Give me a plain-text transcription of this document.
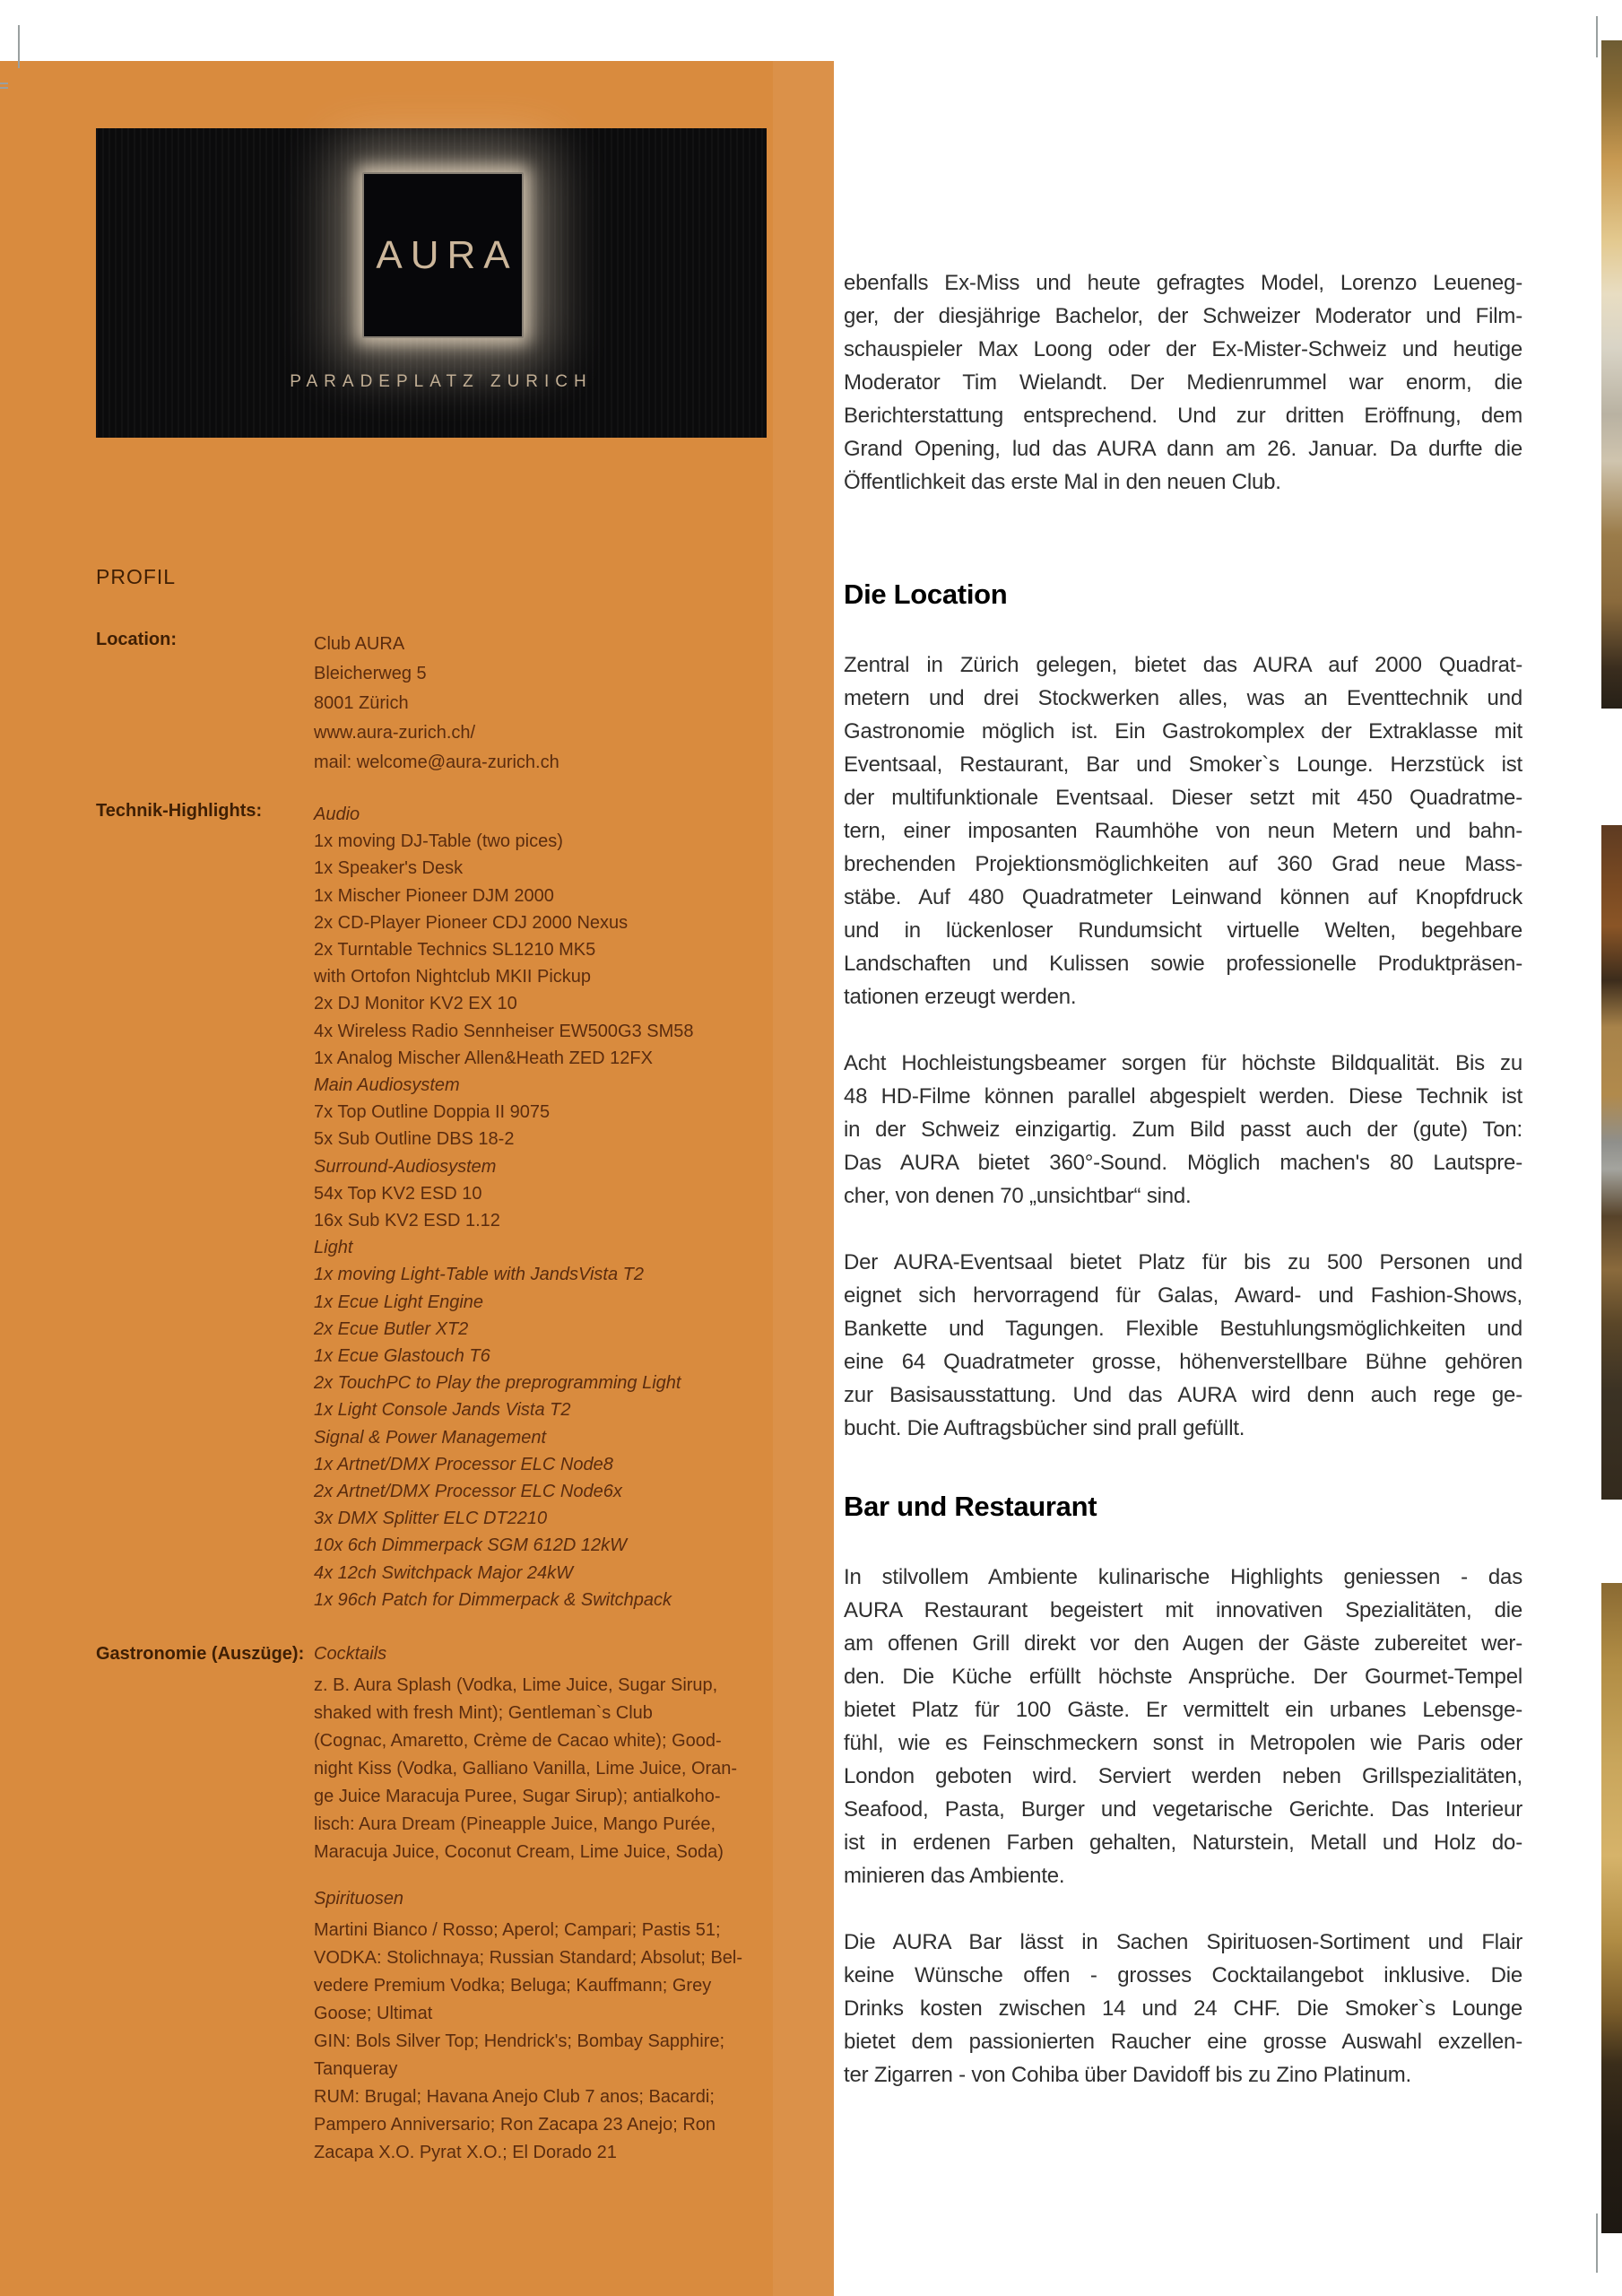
AURA
PARADEPLATZ ZURICH
PROFIL
Location:	Club AURA
Bleicherweg 5
8001 Zürich
www.aura-zurich.ch/
mail: welcome@aura-zurich.ch
Technik-Highlights:	Audio
1x moving DJ-Table (two pices)
1x Speaker's Desk
1x Mischer Pioneer DJM 2000
2x CD-Player Pioneer CDJ 2000 Nexus
2x Turntable Technics SL1210 MK5
with Ortofon Nightclub MKII Pickup
2x DJ Monitor KV2 EX 10
4x Wireless Radio Sennheiser EW500G3 SM58
1x Analog Mischer Allen&Heath ZED 12FX
Main Audiosystem
7x Top Outline Doppia II 9075
5x Sub Outline DBS 18-2
Surround-Audiosystem
54x Top KV2 ESD 10
16x Sub KV2 ESD 1.12
Light
1x moving Light-Table with JandsVista T2
1x Ecue Light Engine
2x Ecue Butler XT2
1x Ecue Glastouch T6
2x TouchPC to Play the preprogramming Light
1x Light Console Jands Vista T2
Signal & Power Management
1x Artnet/DMX Processor ELC Node8
2x Artnet/DMX Processor ELC Node6x
3x DMX Splitter ELC DT2210
10x 6ch Dimmerpack SGM 612D 12kW
4x 12ch Switchpack Major 24kW
1x 96ch Patch for Dimmerpack & Switchpack
Gastronomie (Auszüge): Cocktails
z. B. Aura Splash (Vodka, Lime Juice, Sugar Sirup,
shaked with fresh Mint); Gentleman`s Club
(Cognac, Amaretto, Crème de Cacao white); Good-
night Kiss (Vodka, Galliano Vanilla, Lime Juice, Oran-
ge Juice Maracuja Puree, Sugar Sirup); antialkoho-
lisch: Aura Dream (Pineapple Juice, Mango Purée,
Maracuja Juice, Coconut Cream, Lime Juice, Soda)
Spirituosen
Martini Bianco / Rosso; Aperol; Campari; Pastis 51;
VODKA: Stolichnaya; Russian Standard; Absolut; Bel-
vedere Premium Vodka; Beluga; Kauffmann; Grey
Goose; Ultimat
GIN: Bols Silver Top; Hendrick's; Bombay Sapphire;
Tanqueray
RUM: Brugal; Havana Anejo Club 7 anos; Bacardi;
Pampero Anniversario; Ron Zacapa 23 Anejo; Ron
Zacapa X.O. Pyrat X.O.; El Dorado 21
ebenfalls Ex-Miss und heute gefragtes Model, Lorenzo Leueneg-
ger, der diesjährige Bachelor, der Schweizer Moderator und Film-
schauspieler Max Loong oder der Ex-Mister-Schweiz und heutige
Moderator Tim Wielandt. Der Medienrummel war enorm, die
Berichterstattung entsprechend. Und zur dritten Eröffnung, dem
Grand Opening, lud das AURA dann am 26. Januar. Da durfte die
Öffentlichkeit das erste Mal in den neuen Club.
Die Location
Zentral in Zürich gelegen, bietet das AURA auf 2000 Quadrat-
metern und drei Stockwerken alles, was an Eventtechnik und
Gastronomie möglich ist. Ein Gastrokomplex der Extraklasse mit
Eventsaal, Restaurant, Bar und Smoker`s Lounge. Herzstück ist
der multifunktionale Eventsaal. Dieser setzt mit 450 Quadratme-
tern, einer imposanten Raumhöhe von neun Metern und bahn-
brechenden Projektionsmöglichkeiten auf 360 Grad neue Mass-
stäbe. Auf 480 Quadratmeter Leinwand können auf Knopfdruck
und in lückenloser Rundumsicht virtuelle Welten, begehbare
Landschaften und Kulissen sowie professionelle Produktpräsen-
tationen erzeugt werden.
Acht Hochleistungsbeamer sorgen für höchste Bildqualität. Bis zu
48 HD-Filme können parallel abgespielt werden. Diese Technik ist
in der Schweiz einzigartig. Zum Bild passt auch der (gute) Ton:
Das AURA bietet 360°-Sound. Möglich machen's 80 Lautspre-
cher, von denen 70 „unsichtbar“ sind.
Der AURA-Eventsaal bietet Platz für bis zu 500 Personen und
eignet sich hervorragend für Galas, Award- und Fashion-Shows,
Bankette und Tagungen. Flexible Bestuhlungsmöglichkeiten und
eine 64 Quadratmeter grosse, höhenverstellbare Bühne gehören
zur Basisausstattung. Und das AURA wird denn auch rege ge-
bucht. Die Auftragsbücher sind prall gefüllt.
Bar und Restaurant
In stilvollem Ambiente kulinarische Highlights geniessen - das
AURA Restaurant begeistert mit innovativen Spezialitäten, die
am offenen Grill direkt vor den Augen der Gäste zubereitet wer-
den. Die Küche erfüllt höchste Ansprüche. Der Gourmet-Tempel
bietet Platz für 100 Gäste. Er vermittelt ein urbanes Lebensge-
fühl, wie es Feinschmeckern sonst in Metropolen wie Paris oder
London geboten wird. Serviert werden neben Grillspezialitäten,
Seafood, Pasta, Burger und vegetarische Gerichte. Das Interieur
ist in erdenen Farben gehalten, Naturstein, Metall und Holz do-
minieren das Ambiente.
Die AURA Bar lässt in Sachen Spirituosen-Sortiment und Flair
keine Wünsche offen - grosses Cocktailangebot inklusive. Die
Drinks kosten zwischen 14 und 24 CHF. Die Smoker`s Lounge
bietet dem passionierten Raucher eine grosse Auswahl exzellen-
ter Zigarren - von Cohiba über Davidoff bis zu Zino Platinum.
